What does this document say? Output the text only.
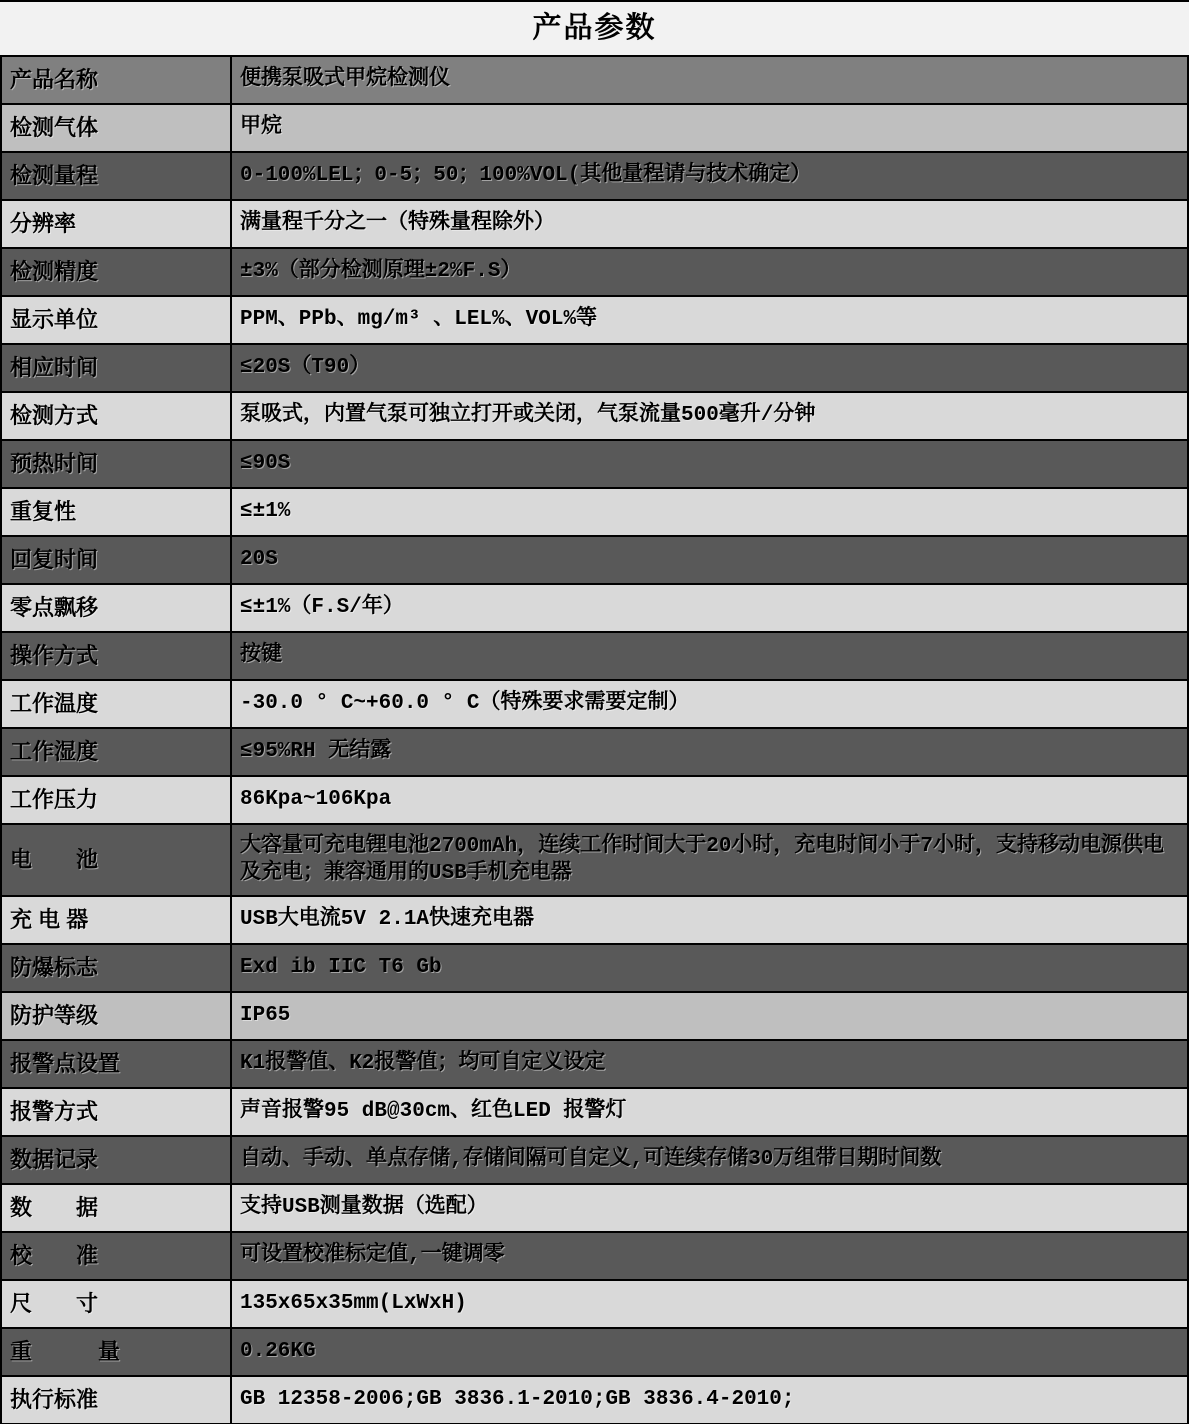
产品参数
产品名称	便携泵吸式甲烷检测仪
检测气体	甲烷
检测量程	0-100%LEL；0-5；50；100%VOL(其他量程请与技术确定）
分辨率	满量程千分之一（特殊量程除外）
检测精度	±3%（部分检测原理±2%F.S）
显示单位	PPM、PPb、mg/m³ 、LEL%、VOL%等
相应时间	≤20S（T90）
检测方式	泵吸式，内置气泵可独立打开或关闭，气泵流量500毫升/分钟
预热时间	≤90S
重复性	≤±1%
回复时间	20S
零点飘移	≤±1%（F.S/年）
操作方式	按键
工作温度	-30.0 ° C~+60.0 ° C（特殊要求需要定制）
工作湿度	≤95%RH 无结露
工作压力	86Kpa~106Kpa
电　　池	大容量可充电锂电池2700mAh，连续工作时间大于20小时，充电时间小于7小时，支持移动电源供电及充电；兼容通用的USB手机充电器
充 电 器	USB大电流5V 2.1A快速充电器
防爆标志	Exd ib IIC T6 Gb
防护等级	IP65
报警点设置	K1报警值、K2报警值；均可自定义设定
报警方式	声音报警95 dB@30cm、红色LED 报警灯
数据记录	自动、手动、单点存储,存储间隔可自定义,可连续存储30万组带日期时间数
数　　据	支持USB测量数据（选配）
校　　准	可设置校准标定值,一键调零
尺　　寸	135x65x35mm(LxWxH)
重　　　量	0.26KG
执行标准	GB 12358-2006;GB 3836.1-2010;GB 3836.4-2010;
